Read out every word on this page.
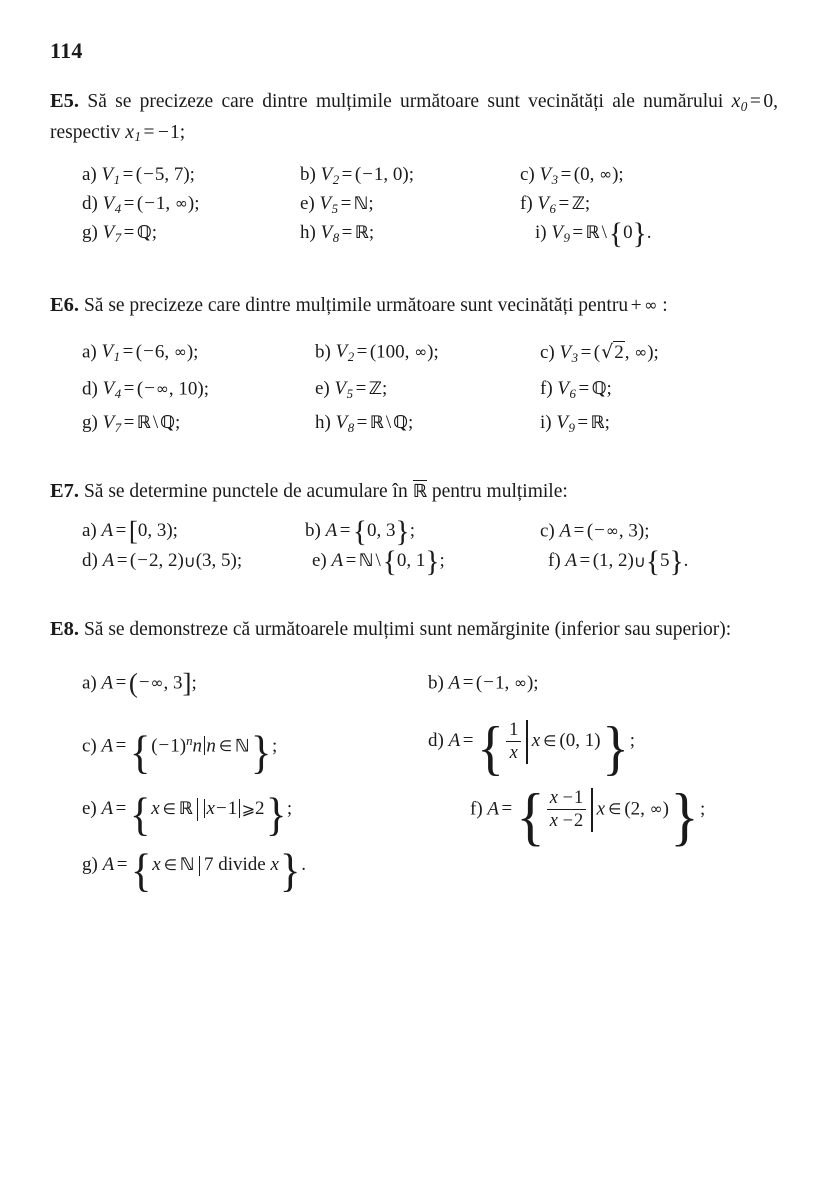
114
E5. Să se precizeze care dintre mulțimile următoare sunt vecinătăți ale numărului $x_0 = 0$, respectiv $x_1 = -1$;
a) $V_1 = (-5$, 7);	b) $V_2 = (-1$, 0);	c) $V_3 = (0$, ∞);
d) $V_4 = (-1$, ∞);	e) $V_5$ = ℕ;	f) $V_6$ = ℤ;
g) $V_7$ = ℚ;	h) $V_8$ = ℝ;	i) $V_9$ = ℝ \{0}.
E6. Să se precizeze care dintre mulțimile următoare sunt vecinătăți pentru + ∞ :
a) $V_1 = (-6$, ∞);	b) $V_2 = (100$, ∞);	c) $V_3 = (√2$, ∞);
d) $V_4$ = (−∞, 10);	e) $V_5$ = ℤ;	f) $V_6$ = ℚ;
g) $V_7$ = ℝ \ ℚ;	h) $V_8$ = ℝ \ ℚ;	i) $V_9$ = ℝ;
E7. Să se determine punctele de acumulare în ℝ pentru mulțimile:
a) A =[0, 3);	b) A ={0, 3};	c) A = (−∞, 3);
d) A = (−2, 2)∪(3, 5);	e) A = ℕ \{0, 1};	f) A = (1, 2)∪{5}.
E8. Să se demonstreze că următoarele mulțimi sunt nemărginite (inferior sau superior):
a) A =(−∞, 3];	b) A = (−1, ∞);
c) $A =\{(-1)^nn$ n ∈ ℕ};	d) A ={ $\frac{1}{x}$ x ∈ (0, 1)};
e) A ={x ∈ ℝ x−1 ⩾2};	f) A ={ $\frac{x -1}{x -2}$ x ∈ (2, ∞)};
g) A ={x ∈ ℕ 7 divide x}.
